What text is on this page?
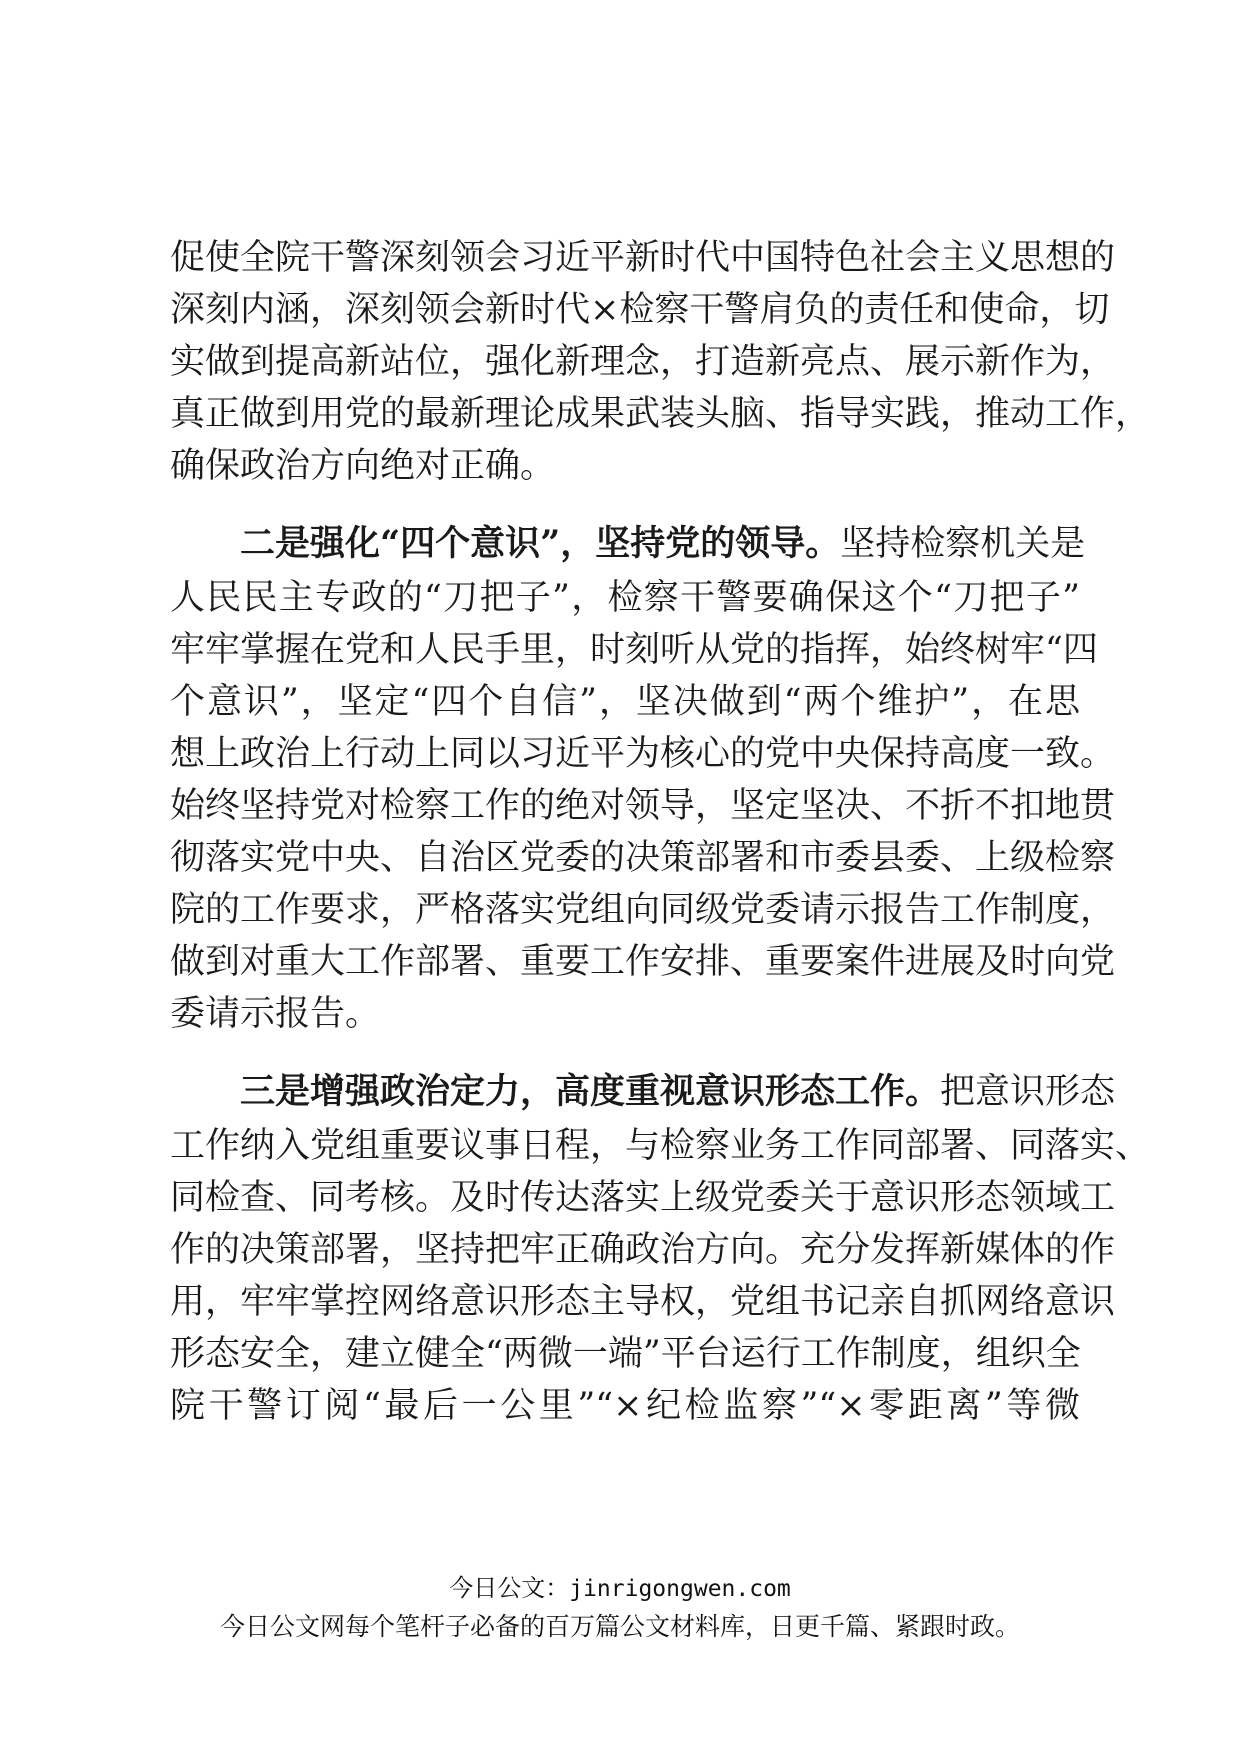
促使全院干警深刻领会习近平新时代中国特色社会主义思想的
深刻内涵，深刻领会新时代×检察干警肩负的责任和使命，切
实做到提高新站位，强化新理念，打造新亮点、展示新作为，
真正做到用党的最新理论成果武装头脑、指导实践，推动工作，
确保政治方向绝对正确。
二是强化“四个意识”，坚持党的领导。坚持检察机关是
人民民主专政的“刀把子”，检察干警要确保这个“刀把子”
牢牢掌握在党和人民手里，时刻听从党的指挥，始终树牢“四
个意识”，坚定“四个自信”，坚决做到“两个维护”，在思
想上政治上行动上同以习近平为核心的党中央保持高度一致。
始终坚持党对检察工作的绝对领导，坚定坚决、不折不扣地贯
彻落实党中央、自治区党委的决策部署和市委县委、上级检察
院的工作要求，严格落实党组向同级党委请示报告工作制度，
做到对重大工作部署、重要工作安排、重要案件进展及时向党
委请示报告。
三是增强政治定力，高度重视意识形态工作。把意识形态
工作纳入党组重要议事日程，与检察业务工作同部署、同落实、
同检查、同考核。及时传达落实上级党委关于意识形态领域工
作的决策部署，坚持把牢正确政治方向。充分发挥新媒体的作
用，牢牢掌控网络意识形态主导权，党组书记亲自抓网络意识
形态安全，建立健全“两微一端”平台运行工作制度，组织全
院干警订阅“最后一公里”“×纪检监察”“×零距离”等微
今日公文：jinrigongwen.com
今日公文网每个笔杆子必备的百万篇公文材料库，日更千篇、紧跟时政。
